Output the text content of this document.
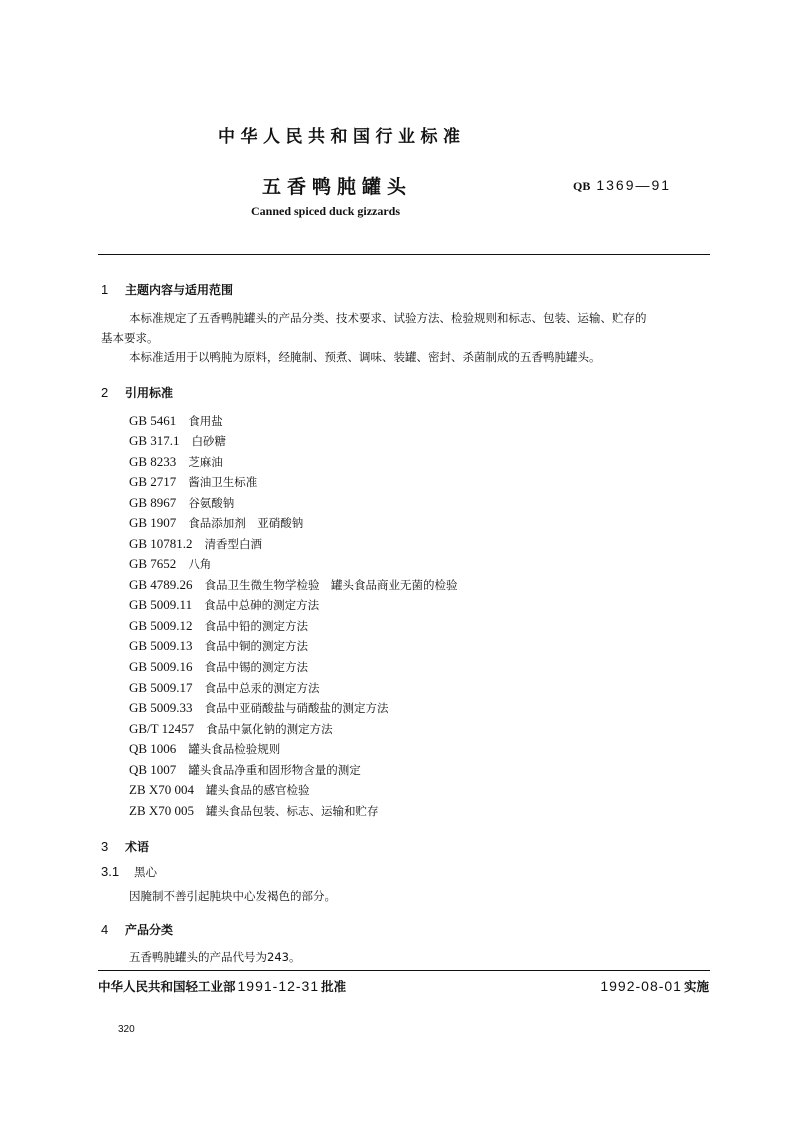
中华人民共和国行业标准
五香鸭肫罐头	QB 1369—91
Canned spiced duck gizzards
1 主题内容与适用范围
本标准规定了五香鸭肫罐头的产品分类、技术要求、试验方法、检验规则和标志、包装、运输、贮存的
基本要求。
本标准适用于以鸭肫为原料，经腌制、预煮、调味、装罐、密封、杀菌制成的五香鸭肫罐头。
2 引用标准
GB 5461 食用盐
GB 317.1 白砂糖
GB 8233 芝麻油
GB 2717 酱油卫生标准
GB 8967 谷氨酸钠
GB 1907 食品添加剂　亚硝酸钠
GB 10781.2 清香型白酒
GB 7652 八角
GB 4789.26 食品卫生微生物学检验　罐头食品商业无菌的检验
GB 5009.11 食品中总砷的测定方法
GB 5009.12 食品中铅的测定方法
GB 5009.13 食品中铜的测定方法
GB 5009.16 食品中锡的测定方法
GB 5009.17 食品中总汞的测定方法
GB 5009.33 食品中亚硝酸盐与硝酸盐的测定方法
GB/T 12457 食品中氯化钠的测定方法
QB 1006 罐头食品检验规则
QB 1007 罐头食品净重和固形物含量的测定
ZB X70 004 罐头食品的感官检验
ZB X70 005 罐头食品包装、标志、运输和贮存
3 术语
3.1 黑心
因腌制不善引起肫块中心发褐色的部分。
4 产品分类
五香鸭肫罐头的产品代号为243。
中华人民共和国轻工业部 1991-12-31 批准	1992-08-01 实施
320
